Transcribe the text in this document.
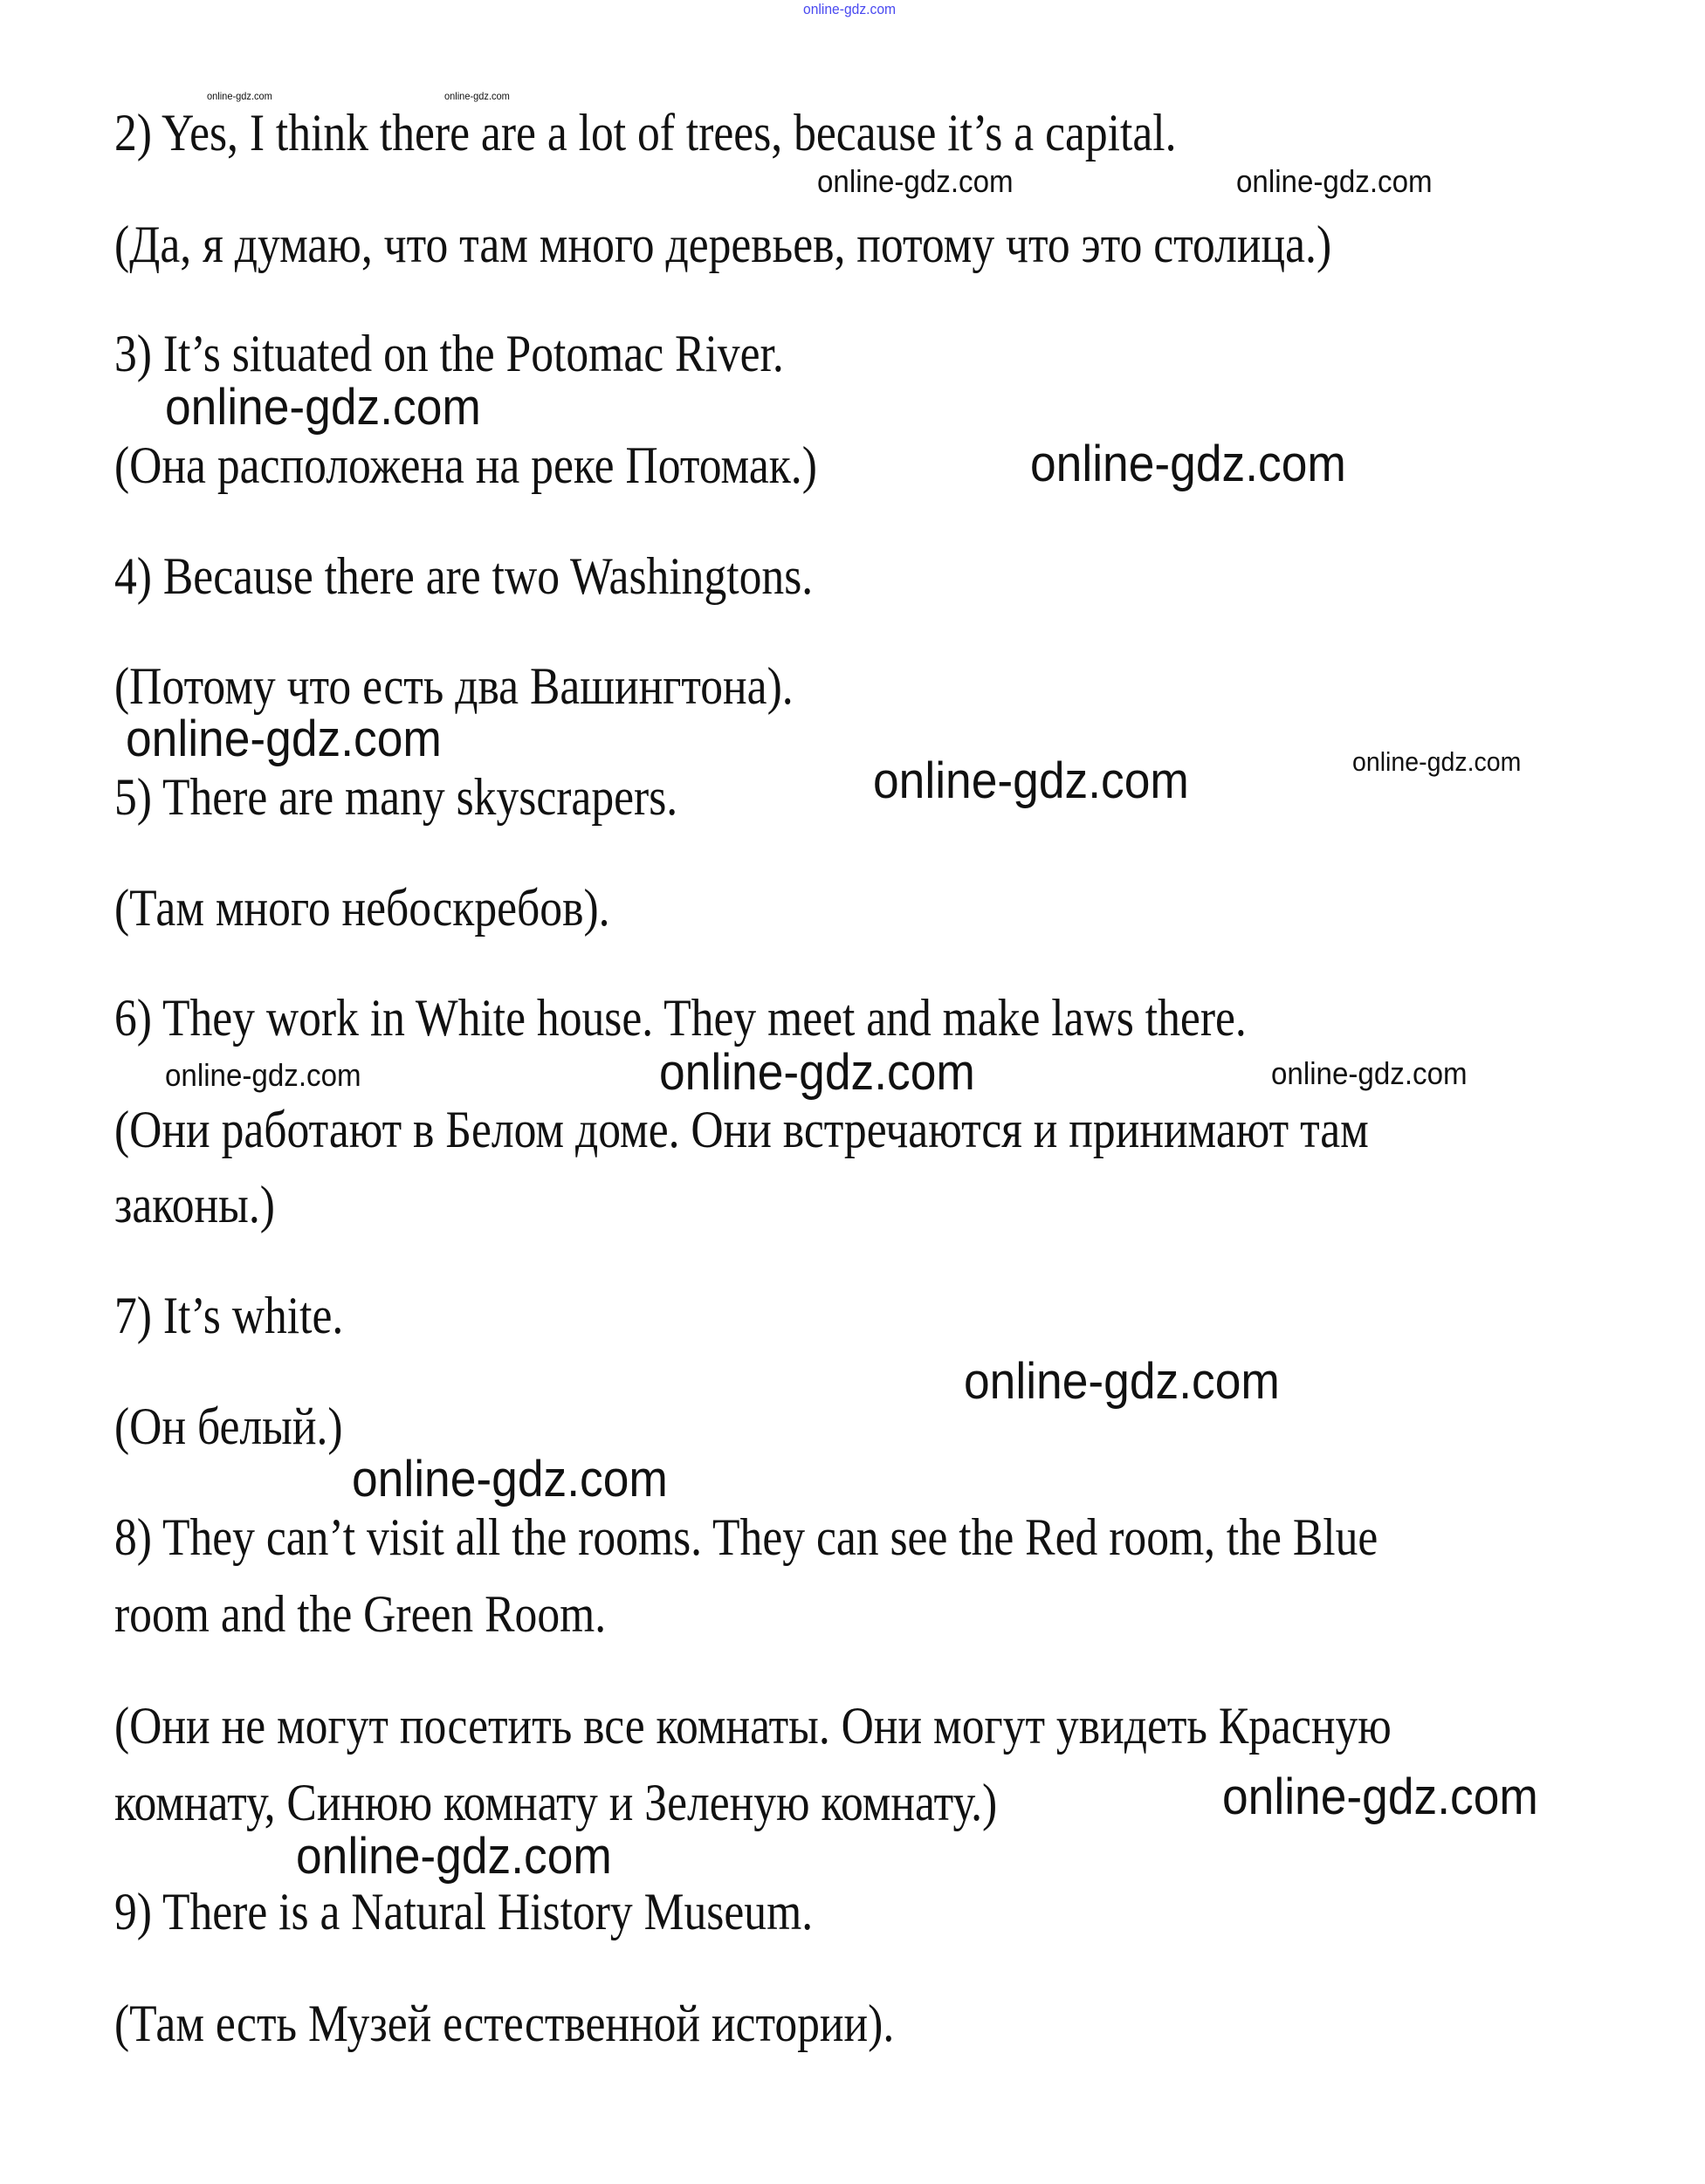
online-gdz.com
2) Yes, I think there are a lot of trees, because it’s a capital.
(Да, я думаю, что там много деревьев, потому что это столица.)
3) It’s situated on the Potomac River.
(Она расположена на реке Потомак.)
4) Because there are two Washingtons.
(Потому что есть два Вашингтона).
5) There are many skyscrapers.
(Там много небоскребов).
6) They work in White house. They meet and make laws there.
(Они работают в Белом доме. Они встречаются и принимают там
законы.)
7) It’s white.
(Он белый.)
8) They can’t visit all the rooms. They can see the Red room, the Blue
room and the Green Room.
(Они не могут посетить все комнаты. Они могут увидеть Красную
комнату, Синюю комнату и Зеленую комнату.)
9) There is a Natural History Museum.
(Там есть Музей естественной истории).
online-gdz.com	online-gdz.com
online-gdz.com	online-gdz.com
online-gdz.com
online-gdz.com
online-gdz.com
online-gdz.com	online-gdz.com
online-gdz.com	online-gdz.com	online-gdz.com
online-gdz.com
online-gdz.com
online-gdz.com
online-gdz.com
